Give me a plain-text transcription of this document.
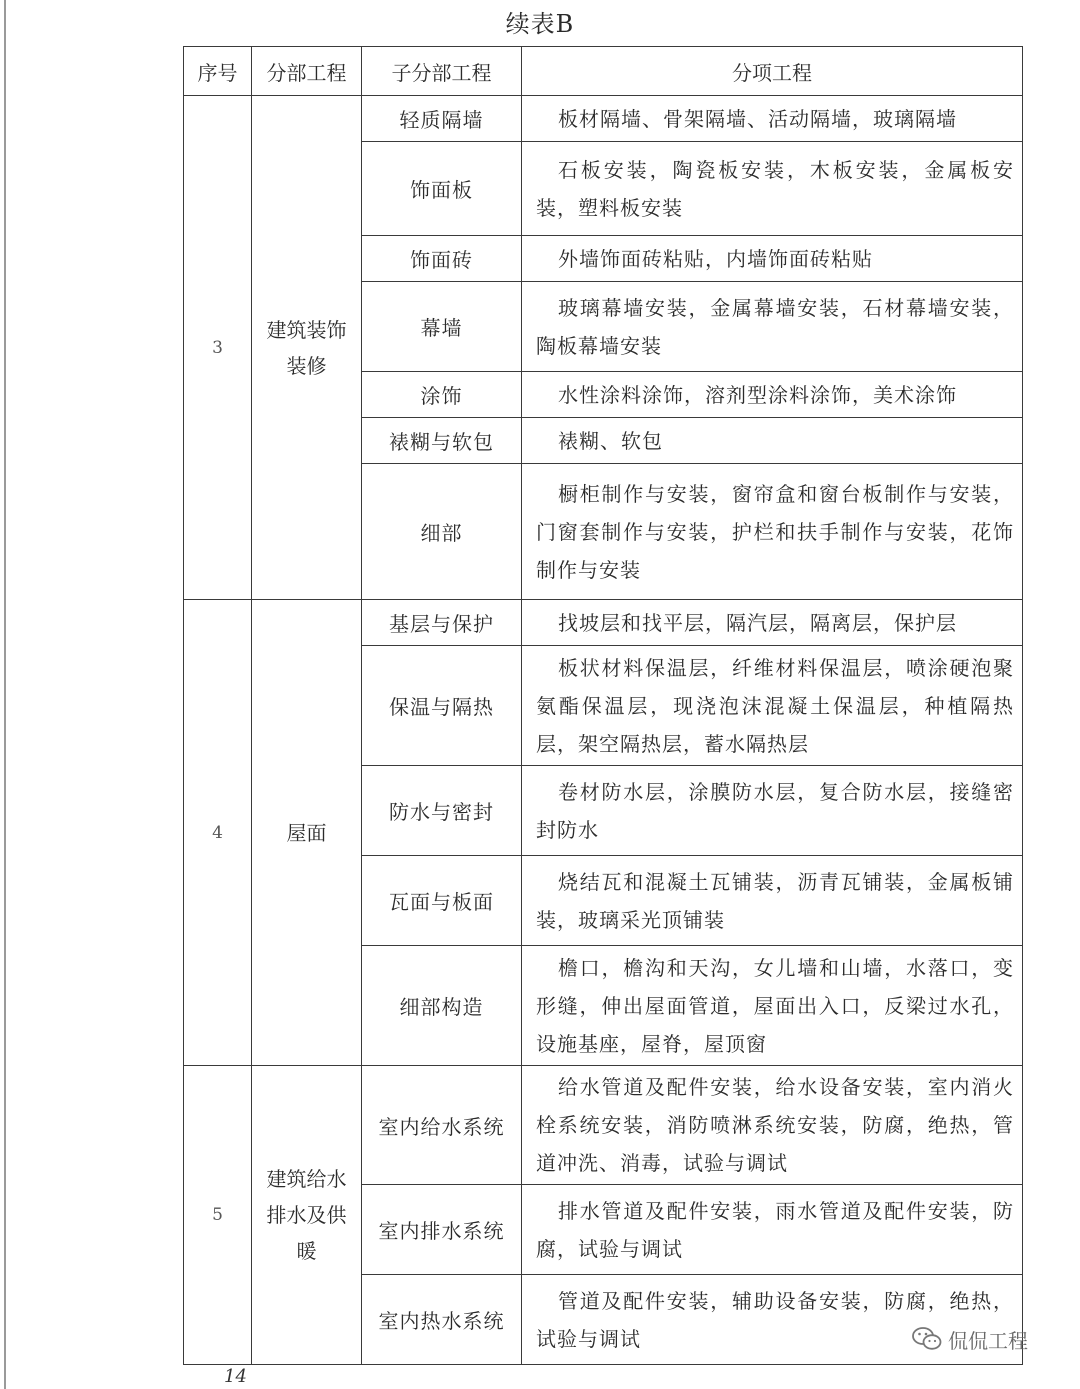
续表B
序号	分部工程	子分部工程	分项工程
3	建筑装饰装修	轻质隔墙	板材隔墙、骨架隔墙、活动隔墙，玻璃隔墙
		饰面板	石板安装，陶瓷板安装，木板安装，金属板安装，塑料板安装
		饰面砖	外墙饰面砖粘贴，内墙饰面砖粘贴
		幕墙	玻璃幕墙安装，金属幕墙安装，石材幕墙安装，陶板幕墙安装
		涂饰	水性涂料涂饰，溶剂型涂料涂饰，美术涂饰
		裱糊与软包	裱糊、软包
		细部	橱柜制作与安装，窗帘盒和窗台板制作与安装，门窗套制作与安装，护栏和扶手制作与安装，花饰制作与安装
4	屋面	基层与保护	找坡层和找平层，隔汽层，隔离层，保护层
		保温与隔热	板状材料保温层，纤维材料保温层，喷涂硬泡聚氨酯保温层，现浇泡沫混凝土保温层，种植隔热层，架空隔热层，蓄水隔热层
		防水与密封	卷材防水层，涂膜防水层，复合防水层，接缝密封防水
		瓦面与板面	烧结瓦和混凝土瓦铺装，沥青瓦铺装，金属板铺装，玻璃采光顶铺装
		细部构造	檐口，檐沟和天沟，女儿墙和山墙，水落口，变形缝，伸出屋面管道，屋面出入口，反梁过水孔，设施基座，屋脊，屋顶窗
5	建筑给水排水及供暖	室内给水系统	给水管道及配件安装，给水设备安装，室内消火栓系统安装，消防喷淋系统安装，防腐，绝热，管道冲洗、消毒，试验与调试
		室内排水系统	排水管道及配件安装，雨水管道及配件安装，防腐，试验与调试
		室内热水系统	管道及配件安装，辅助设备安装，防腐，绝热，试验与调试
14
侃侃工程
